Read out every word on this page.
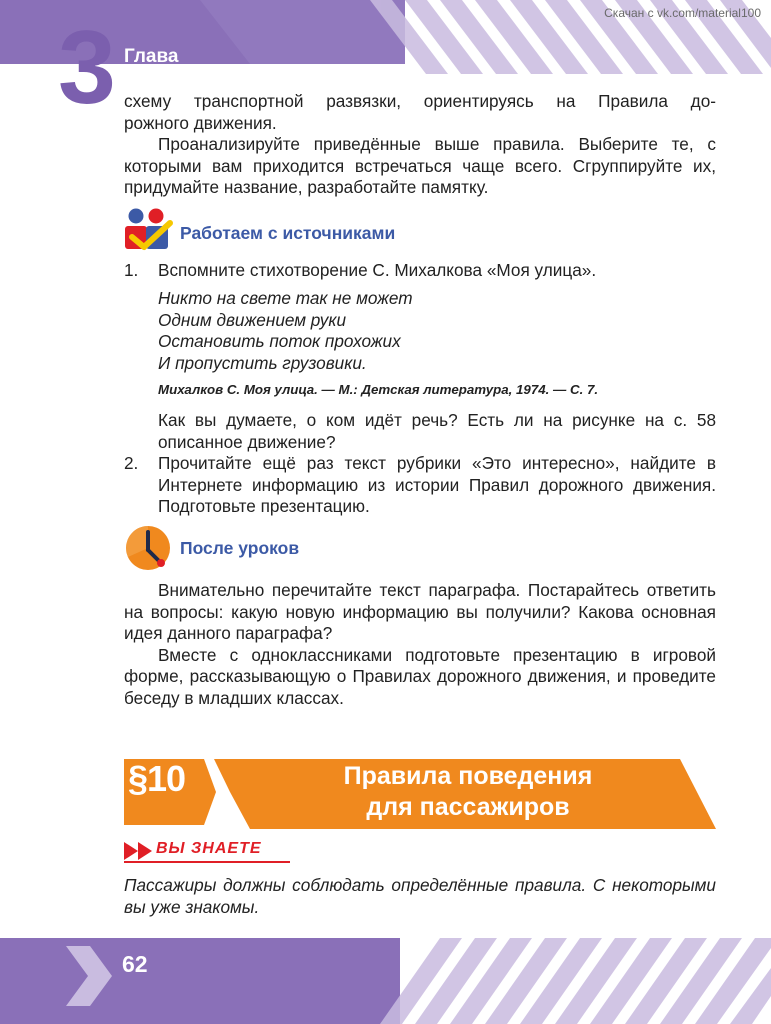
Скачан с vk.com/material100
3 Глава
схему транспортной развязки, ориентируясь на Правила до-
рожного движения.

Проанализируйте приведённые выше правила. Выберите те, с которыми вам приходится встречаться чаще всего. Сгруппируйте их, придумайте название, разработайте памятку.

Работаем с источниками
1. Вспомните стихотворение С. Михалкова «Моя улица».
Никто на свете так не может
Одним движением руки
Остановить поток прохожих
И пропустить грузовики.
Михалков С. Моя улица. — М.: Детская литература, 1974. — С. 7.

Как вы думаете, о ком идёт речь? Есть ли на рисунке на с. 58 описанное движение?

2. Прочитайте ещё раз текст рубрики «Это интересно», найдите в Интернете информацию из истории Правил дорожного движения. Подготовьте презентацию.

После уроков

Внимательно перечитайте текст параграфа. Постарайтесь ответить на вопросы: какую новую информацию вы получили? Какова основная идея данного параграфа?

Вместе с одноклассниками подготовьте презентацию в игровой форме, рассказывающую о Правилах дорожного движения, и проведите беседу в младших классах.

§10	Правила поведения
для пассажиров
ВЫ ЗНАЕТЕ

Пассажиры должны соблюдать определённые правила. С некоторыми вы уже знакомы.

62
